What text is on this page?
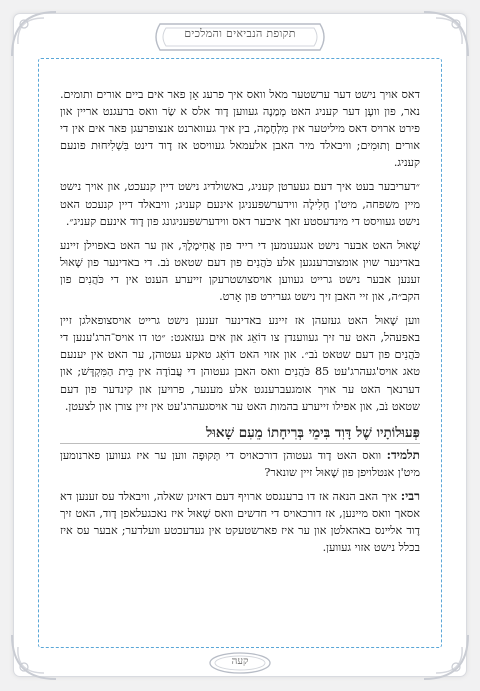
תקופת הנביאים והמלכים

דאס אויך נישט דער ערשטער מאל וואס איך פרעג אָן פאר אים ביים אורים ותומים. נאר, פון וועָן דער קעניג האט מְמַנֶה געווען דָוד אלס א שַׂר וואס ברעגנט אריין און פירט ארויס דאס מיליטער אין מִלְחָמָה, בין איך געווארנט אנצופרעגן פאר אים אין די אורים וְתוּמִים; וויבאלד מיר האבן אלעמאל געוויסט אז דָוד דינט בִּשְׁלִיחוּת פונעם קעניג.

״דעריבער בעט איך דעם געערטן קעניג, באשולדיג נישט דיין קנעכט, און אויך נישט מיין משפחה, מיט'ן חָלִילָה ווידערשפעניגן אינעם קעניג; וויבאלד דיין קנעכט האט נישט געוויסט די מינדעסטע זאך איבער דאס ווידערשפעניגונג פון דָוד אינעם קעניג״.

שָׁאוּל האט אבער נישט אנגענומען די רייד פון אֲחִימֶלֶךְ, און ער האט באפוילן זיינע באדינער שוין אומצוברענגען אלע כֹּהֲנִים פון דעם שטאט נֹב. די באדינער פון שָׁאוּל זענען אבער נישט גרייט געווען אויסצושטרעקן זייערע הענט אין די כֹּהֲנִים פון הקב״ה, און זיי האבן זיך נישט גערירט פון אָרט.

ווען שָׁאוּל האט געזעהן אז זיינע באדינער זענען נישט גרייט אויסצופאלגן זיין באפעהל, האט ער זיך געווענדן צו דוֹאֵג און אים געזאגט: ״טו דו אויס־הרג'ענען די כֹּהֲנִים פון דעם שטאט נֹב״. און אזוי האט דוֹאֵג טאקע געטוהן, ער האט אין יענעם טאג אויס'געהרג'עט 85 כֹּהֲנִים וואס האבן געטוהן די עֲבוֹדָה אין בֵּית הַמִּקְדָּשׁ; און דערנאך האט ער אויך אומגעברענגט אלע מענער, פרויען און קינדער פון דעם שטאט נֹב, און אפילו זייערע בהמות האט ער אויסגעהרג'עט אין זיין צורן און לצעטן.

פְּעוּלוֹתָיו שֶׁל דָּוִד בִּימֵי בְּרִיחָתוֹ מֵעִם שָׁאוּל

תלמיד: וואס האט דָוד געטוהן דורכאויס די תְּקוּפָה ווען ער איז געווען פארנומען מיט'ן אנטלויפן פון שָׁאוּל זיין שונאר?

רבי: איך האב הנאה אז דו ברענגסט ארויף דעם דאזיגן שאלה, וויבאלד עס זענען דא אסאך וואס מיינען, אז דורכאויס די חדשים וואס שָׁאוּל איז נאכגעלאפן דָוד, האט זיך דָוד אלײנס באהאלטן און ער איז פארשטעקט אין געדעכטע וועלדער; אבער עס איז בכלל נישט אזוי געווען.

קעה
